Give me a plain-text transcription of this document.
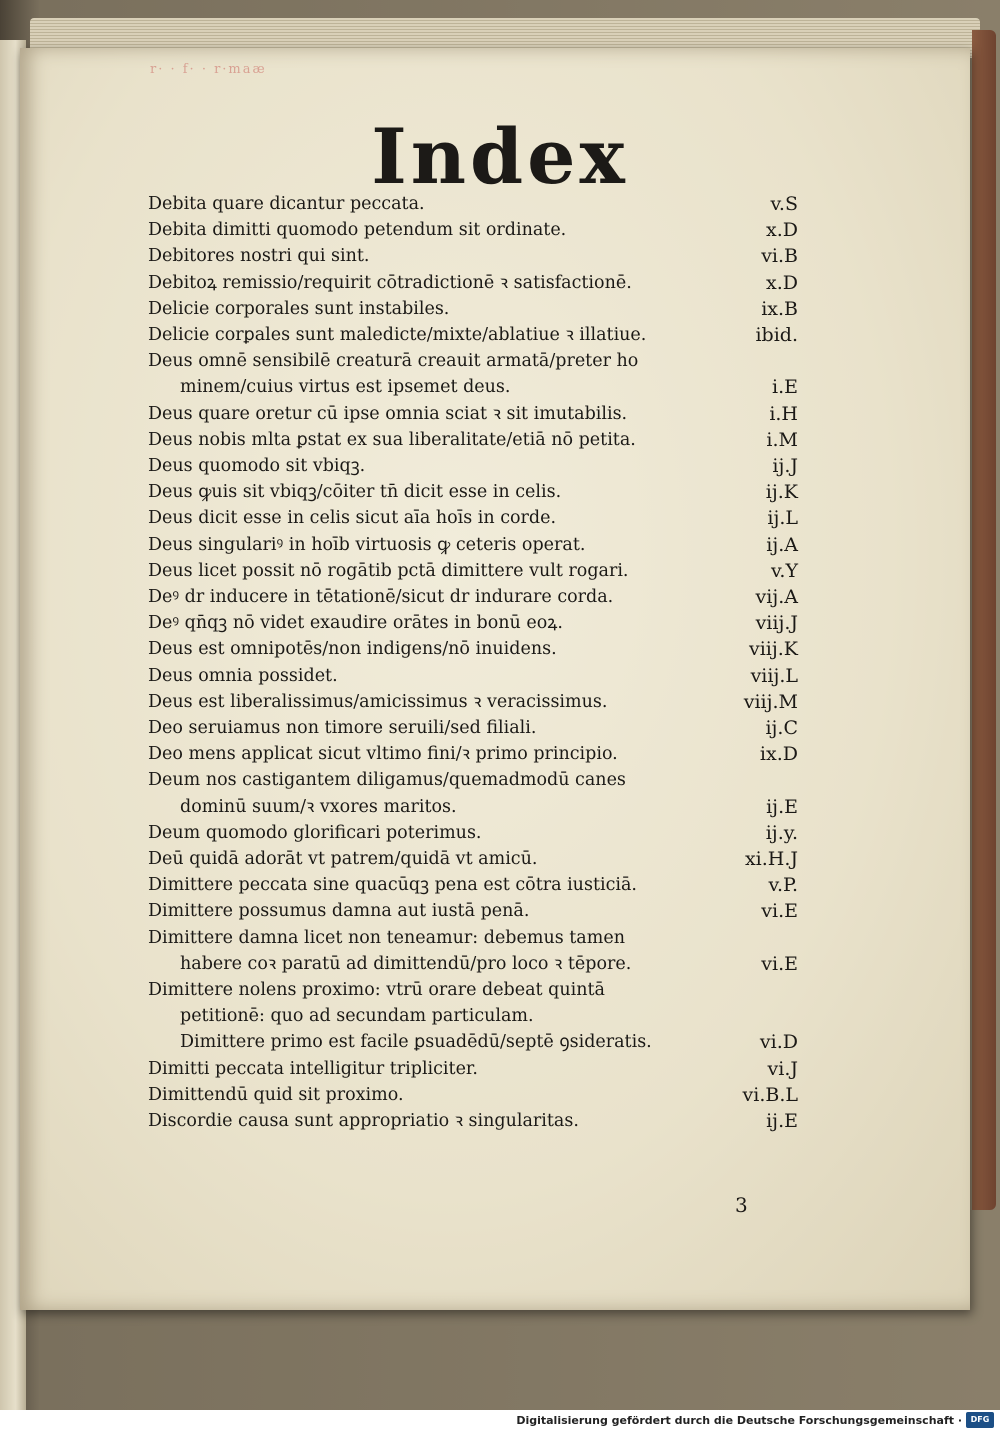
r· · f· · r·maæ
Index
Debita quare dicantur peccata.	v.S
Debita dimitti quomodo petendum sit ordinate.	x.D
Debitores nostri qui sint.	vi.B
Debitoꝝ remissio/requirit cōtradictionē ꝛ satisfactionē.	x.D
Delicie corporales sunt instabiles.	ix.B
Delicie corꝑales sunt maledicte/mixte/ablatiue ꝛ illatiue.	ibid.
Deus omnē sensibilē creaturā creauit armatā/preter ho
minem/cuius virtus est ipsemet deus.	i.E
Deus quare oretur cū ipse omnia sciat ꝛ sit imutabilis.	i.H
Deus nobis mlta ꝑstat ex sua liberalitate/etiā nō petita.	i.M
Deus quomodo sit vbiqꝫ.	ij.J
Deus ꝙuis sit vbiqꝫ/cōiter tn̄ dicit esse in celis.	ij.K
Deus dicit esse in celis sicut aīa hoīs in corde.	ij.L
Deus singulariꝰ in hoīb virtuosis ꝙ ceteris operat.	ij.A
Deus licet possit nō rogātib pctā dimittere vult rogari.	v.Y
Deꝰ dr inducere in tētationē/sicut dr indurare corda.	vij.A
Deꝰ qn̄qꝫ nō videt exaudire orātes in bonū eoꝝ.	viij.J
Deus est omnipotēs/non indigens/nō inuidens.	viij.K
Deus omnia possidet.	viij.L
Deus est liberalissimus/amicissimus ꝛ veracissimus.	viij.M
Deo seruiamus non timore seruili/sed filiali.	ij.C
Deo mens applicat sicut vltimo fini/ꝛ primo principio.	ix.D
Deum nos castigantem diligamus/quemadmodū canes
dominū suum/ꝛ vxores maritos.	ij.E
Deum quomodo glorificari poterimus.	ij.y.
Deū quidā adorāt vt patrem/quidā vt amicū.	xi.H.J
Dimittere peccata sine quacūqꝫ pena est cōtra iusticiā.	v.P.
Dimittere possumus damna aut iustā penā.	vi.E
Dimittere damna licet non teneamur: debemus tamen
habere coꝛ paratū ad dimittendū/pro loco ꝛ tēpore.	vi.E
Dimittere nolens proximo: vtrū orare debeat quintā
petitionē: quo ad secundam particulam.
Dimittere primo est facile ꝑsuadēdū/septē ꝯsideratis.	vi.D
Dimitti peccata intelligitur tripliciter.	vi.J
Dimittendū quid sit proximo.	vi.B.L
Discordie causa sunt appropriatio ꝛ singularitas.	ij.E
3
Digitalisierung gefördert durch die Deutsche Forschungsgemeinschaft ·	DFG
